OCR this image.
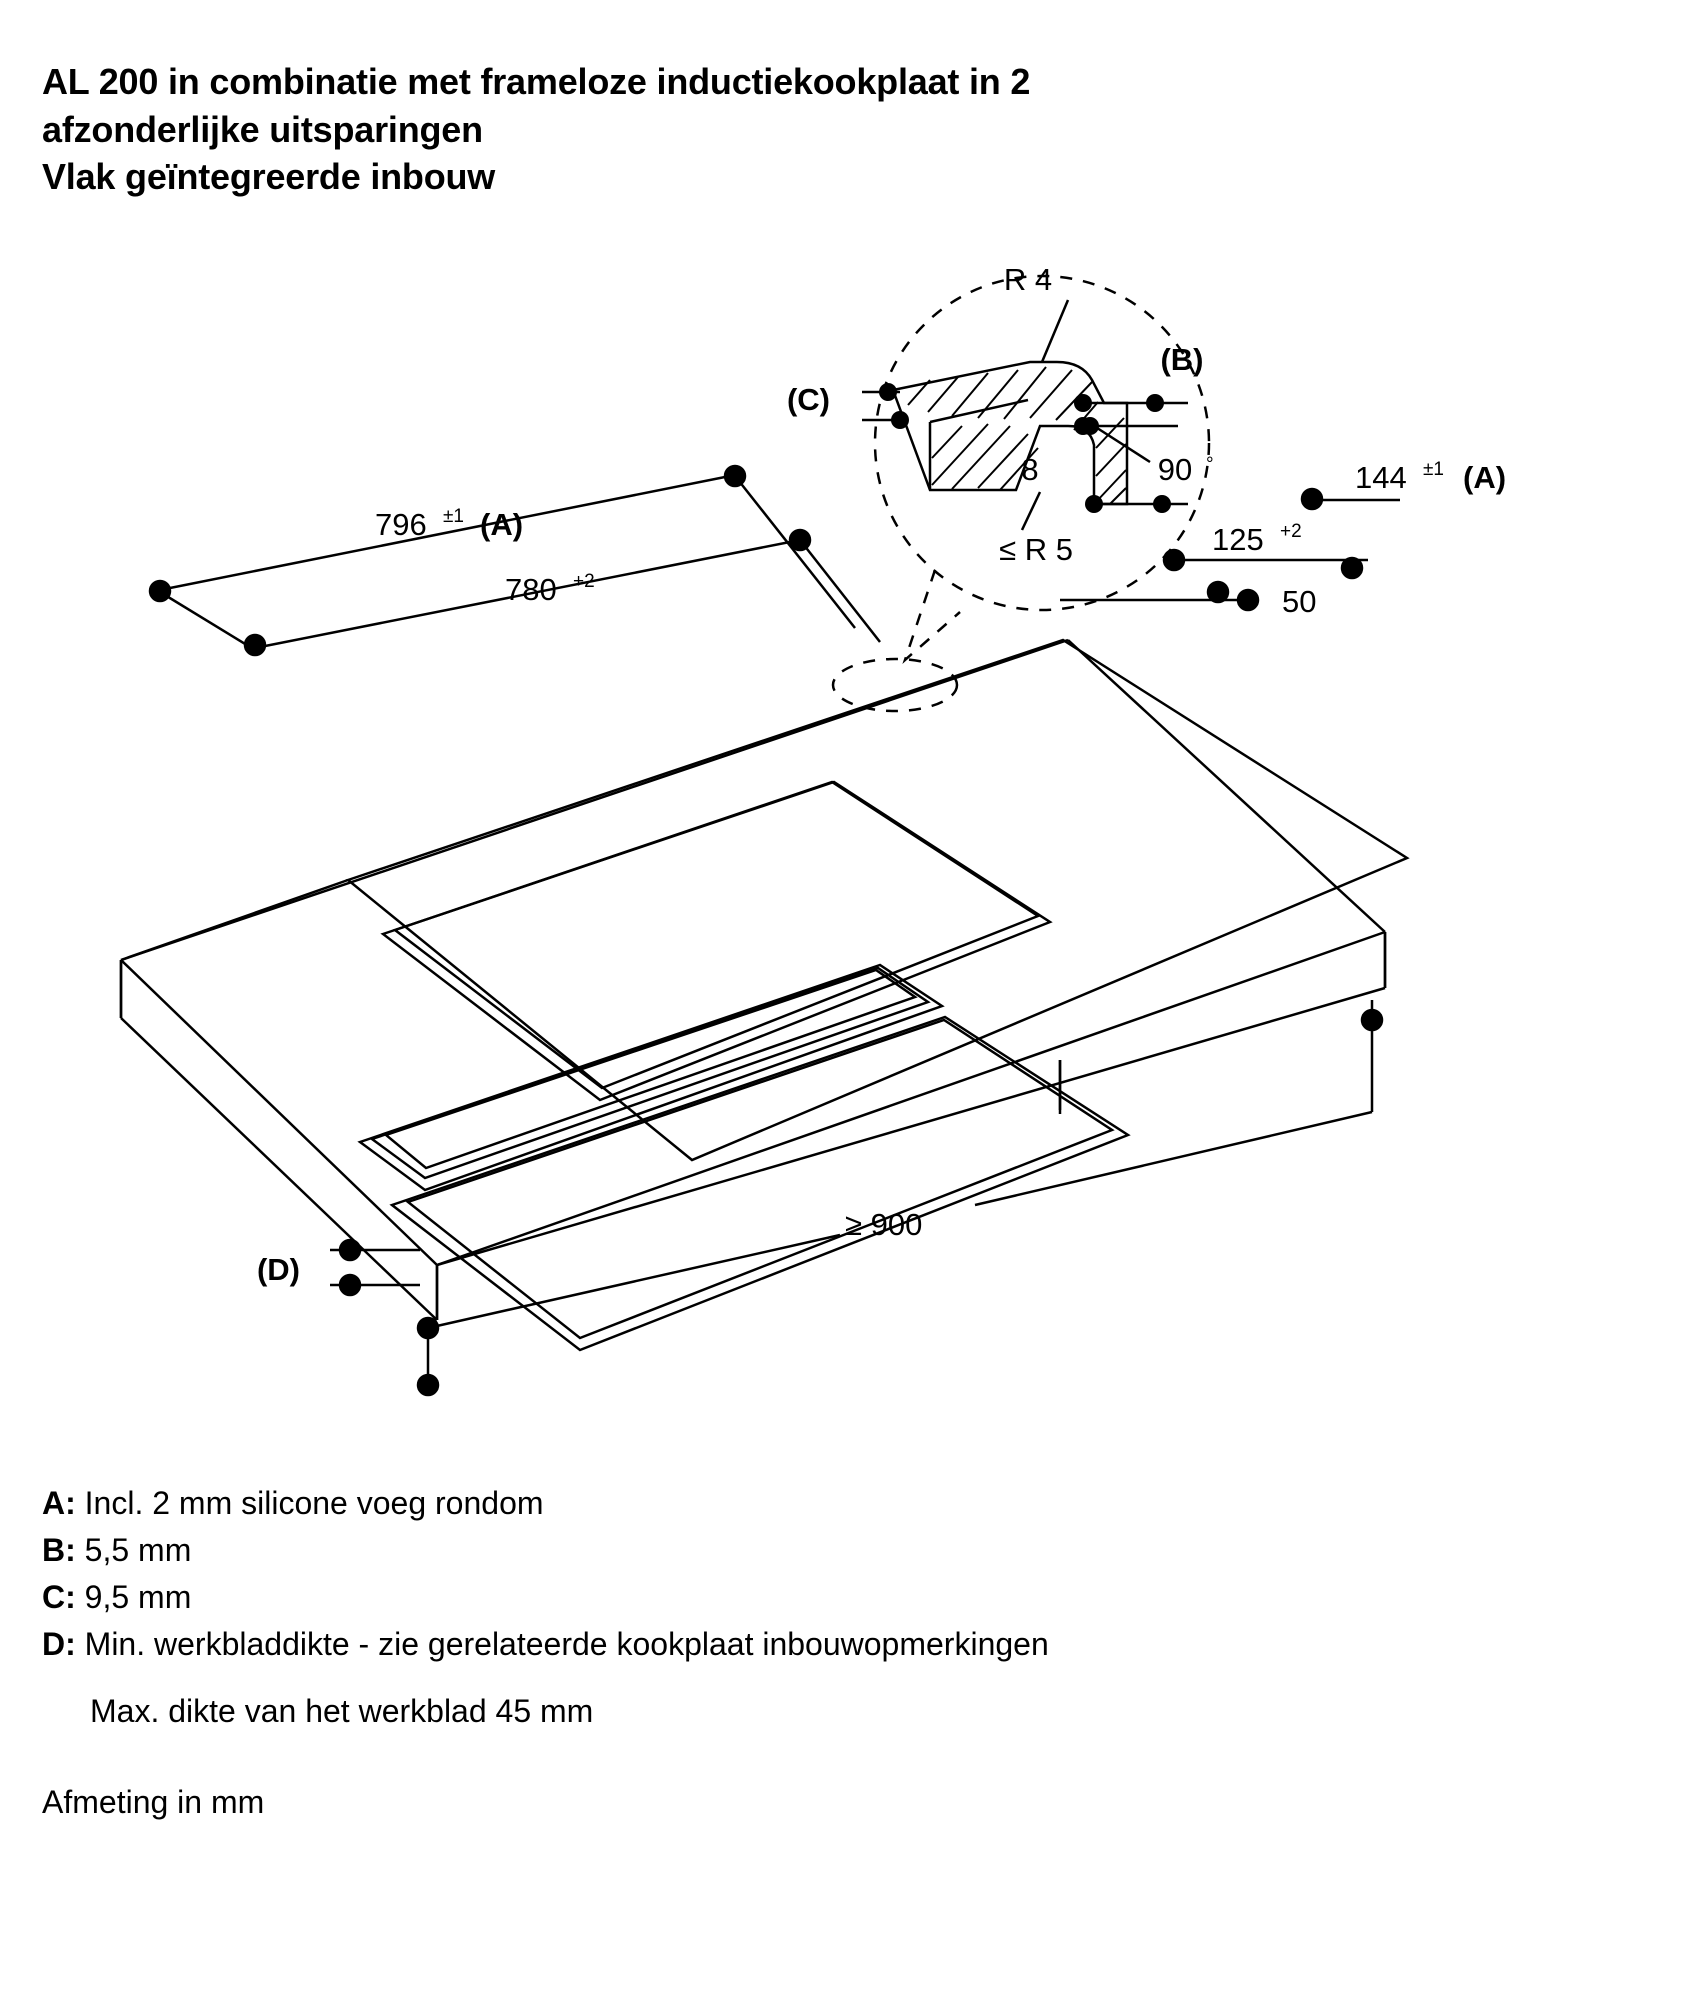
AL 200 in combinatie met frameloze inductiekookplaat in 2
afzonderlijke uitsparingen
Vlak geïntegreerde inbouw
R 4
8
≤ R 5
(B)
(C)
90 °
796 ±1 (A)
780 +2
144 ±1 (A)
125 +2
50
≥ 900
(D)
A: Incl. 2 mm silicone voeg rondom
B: 5,5 mm
C: 9,5 mm
D: Min. werkbladdikte - zie gerelateerde kookplaat inbouwopmerkingen
Max. dikte van het werkblad 45 mm
Afmeting in mm
